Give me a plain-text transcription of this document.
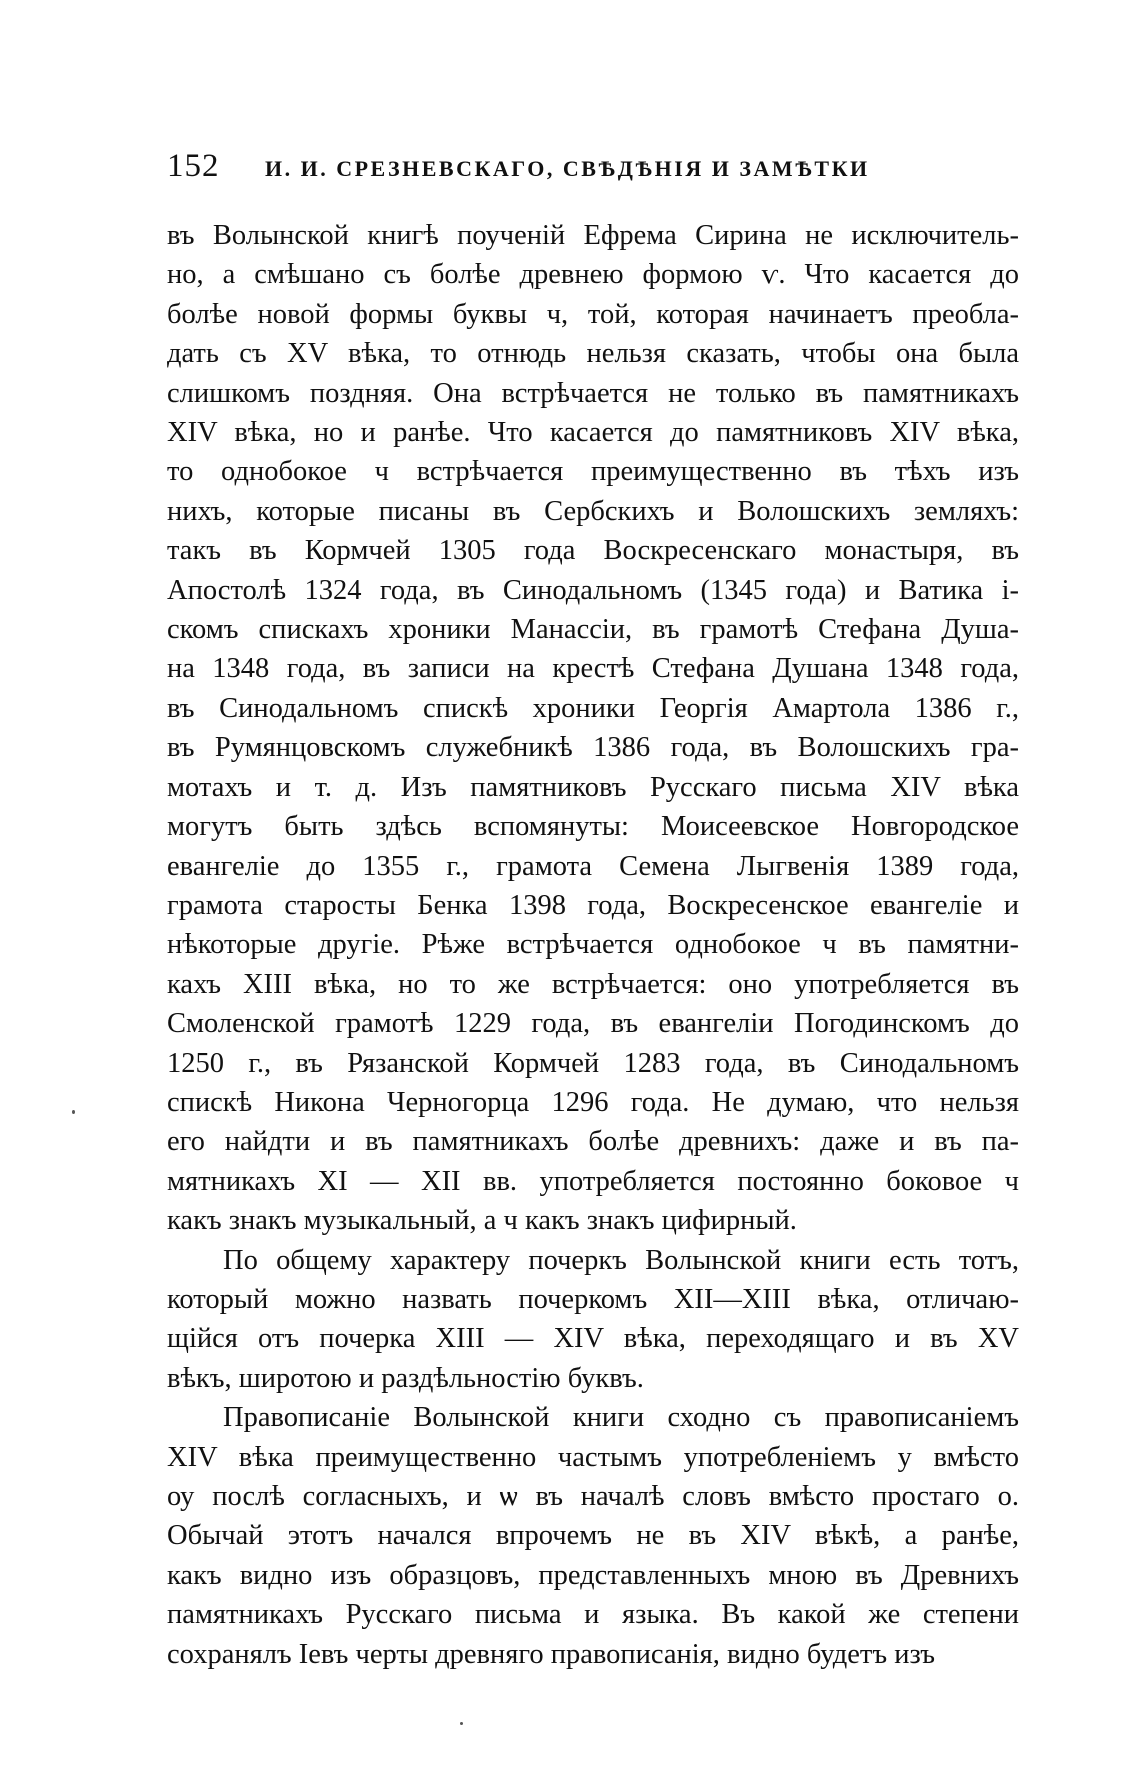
152	И. И. СРЕЗНЕВСКАГО, СВѢДѢНІЯ И ЗАМѢТКИ
въ Волынской книгѣ поученій Ефрема Сирина не исключитель-
но, а смѣшано съ болѣе древнею формою ѵ. Что касается до
болѣе новой формы буквы ч, той, которая начинаетъ преобла-
дать съ XV вѣка, то отнюдь нельзя сказать, чтобы она была
слишкомъ поздняя. Она встрѣчается не только въ памятникахъ
XIV вѣка, но и ранѣе. Что касается до памятниковъ XIV вѣка,
то однобокое ч встрѣчается преимущественно въ тѣхъ изъ
нихъ, которые писаны въ Сербскихъ и Волошскихъ земляхъ:
такъ въ Кормчей 1305 года Воскресенскаго монастыря, въ
Апостолѣ 1324 года, въ Синодальномъ (1345 года) и Ватика і-
скомъ спискахъ хроники Манассіи, въ грамотѣ Стефана Душа-
на 1348 года, въ записи на крестѣ Стефана Душана 1348 года,
въ Синодальномъ спискѣ хроники Георгія Амартола 1386 г.,
въ Румянцовскомъ служебникѣ 1386 года, въ Волошскихъ гра-
мотахъ и т. д. Изъ памятниковъ Русскаго письма XIV вѣка
могутъ быть здѣсь вспомянуты: Моисеевское Новгородское
евангеліе до 1355 г., грамота Семена Лыгвенія 1389 года,
грамота старосты Бенка 1398 года, Воскресенское евангеліе и
нѣкоторые другіе. Рѣже встрѣчается однобокое ч въ памятни-
кахъ XIII вѣка, но то же встрѣчается: оно употребляется въ
Смоленской грамотѣ 1229 года, въ евангеліи Погодинскомъ до
1250 г., въ Рязанской Кормчей 1283 года, въ Синодальномъ
спискѣ Никона Черногорца 1296 года. Не думаю, что нельзя
его найдти и въ памятникахъ болѣе древнихъ: даже и въ па-
мятникахъ XI — XII вв. употребляется постоянно боковое ч
какъ знакъ музыкальный, а ч какъ знакъ цифирный.
По общему характеру почеркъ Волынской книги есть тотъ,
который можно назвать почеркомъ XII—XIII вѣка, отличаю-
щійся отъ почерка XIII — XIV вѣка, переходящаго и въ XV
вѣкъ, широтою и раздѣльностію буквъ.
Правописаніе Волынской книги сходно съ правописаніемъ
XIV вѣка преимущественно частымъ употребленіемъ у вмѣсто
оу послѣ согласныхъ, и ѡ въ началѣ словъ вмѣсто простаго о.
Обычай этотъ начался впрочемъ не въ XIV вѣкѣ, а ранѣе,
какъ видно изъ образцовъ, представленныхъ мною въ Древнихъ
памятникахъ Русскаго письма и языка. Въ какой же степени
сохранялъ Іевъ черты древняго правописанія, видно будетъ изъ
